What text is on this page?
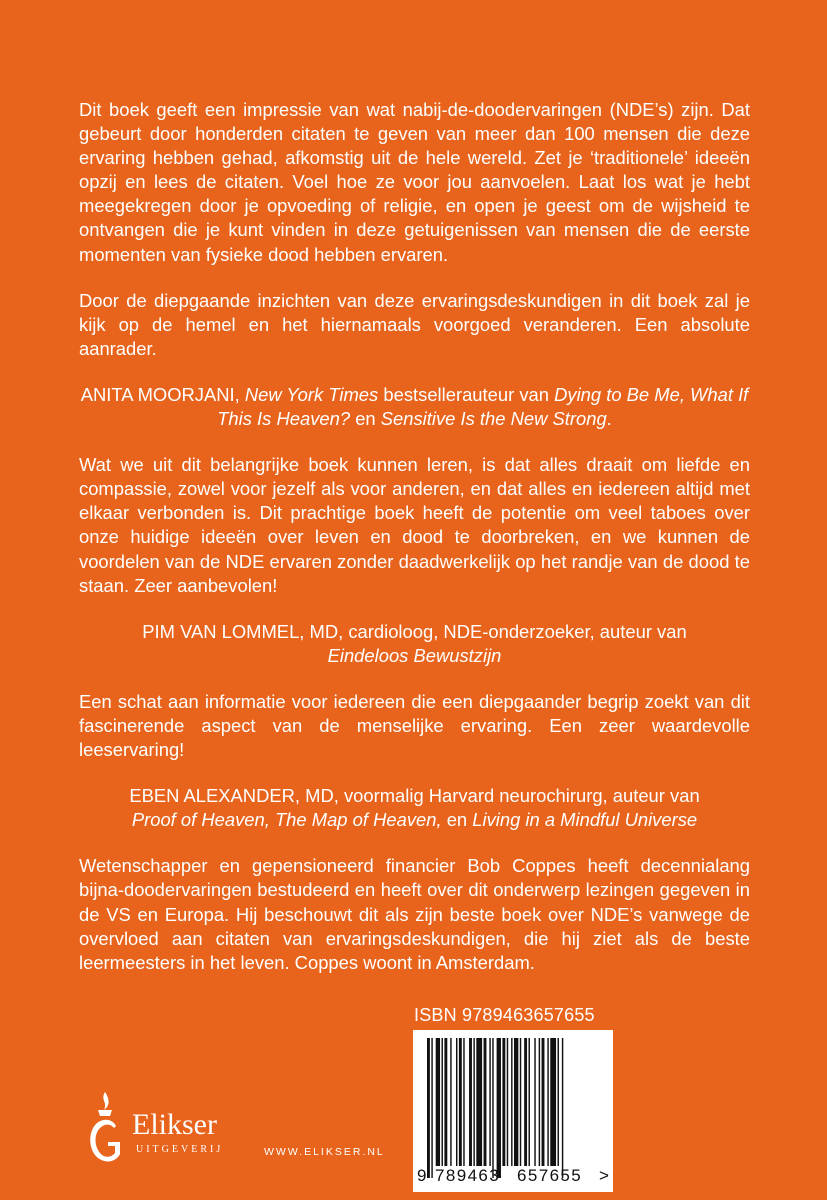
Dit boek geeft een impressie van wat nabij-de-doodervaringen (NDE’s) zijn. Dat gebeurt door honderden citaten te geven van meer dan 100 mensen die deze ervaring hebben gehad, afkomstig uit de hele wereld. Zet je ‘traditionele’ ideeën opzij en lees de citaten. Voel hoe ze voor jou aanvoelen. Laat los wat je hebt meegekregen door je opvoeding of religie, en open je geest om de wijsheid te ontvangen die je kunt vinden in deze getuigenissen van mensen die de eerste momenten van fysieke dood hebben ervaren.

Door de diepgaande inzichten van deze ervaringsdeskundigen in dit boek zal je kijk op de hemel en het hiernamaals voorgoed veranderen. Een absolute aanrader.

ANITA MOORJANI, New York Times bestsellerauteur van Dying to Be Me, What If This Is Heaven? en Sensitive Is the New Strong.

Wat we uit dit belangrijke boek kunnen leren, is dat alles draait om liefde en compassie, zowel voor jezelf als voor anderen, en dat alles en iedereen altijd met elkaar verbonden is. Dit prachtige boek heeft de potentie om veel taboes over onze huidige ideeën over leven en dood te doorbreken, en we kunnen de voordelen van de NDE ervaren zonder daadwerkelijk op het randje van de dood te staan. Zeer aanbevolen!

PIM VAN LOMMEL, MD, cardioloog, NDE-onderzoeker, auteur van
Eindeloos Bewustzijn

Een schat aan informatie voor iedereen die een diepgaander begrip zoekt van dit fascinerende aspect van de menselijke ervaring. Een zeer waardevolle leeservaring!

EBEN ALEXANDER, MD, voormalig Harvard neurochirurg, auteur van
Proof of Heaven, The Map of Heaven, en Living in a Mindful Universe

Wetenschapper en gepensioneerd financier Bob Coppes heeft decennialang bijna-doodervaringen bestudeerd en heeft over dit onderwerp lezingen gegeven in de VS en Europa. Hij beschouwt dit als zijn beste boek over NDE’s vanwege de overvloed aan citaten van ervaringsdeskundigen, die hij ziet als de beste leermeesters in het leven. Coppes woont in Amsterdam.

ISBN 9789463657655
9 789463 657655 >
Elikser
UITGEVERIJ	WWW.ELIKSER.NL
